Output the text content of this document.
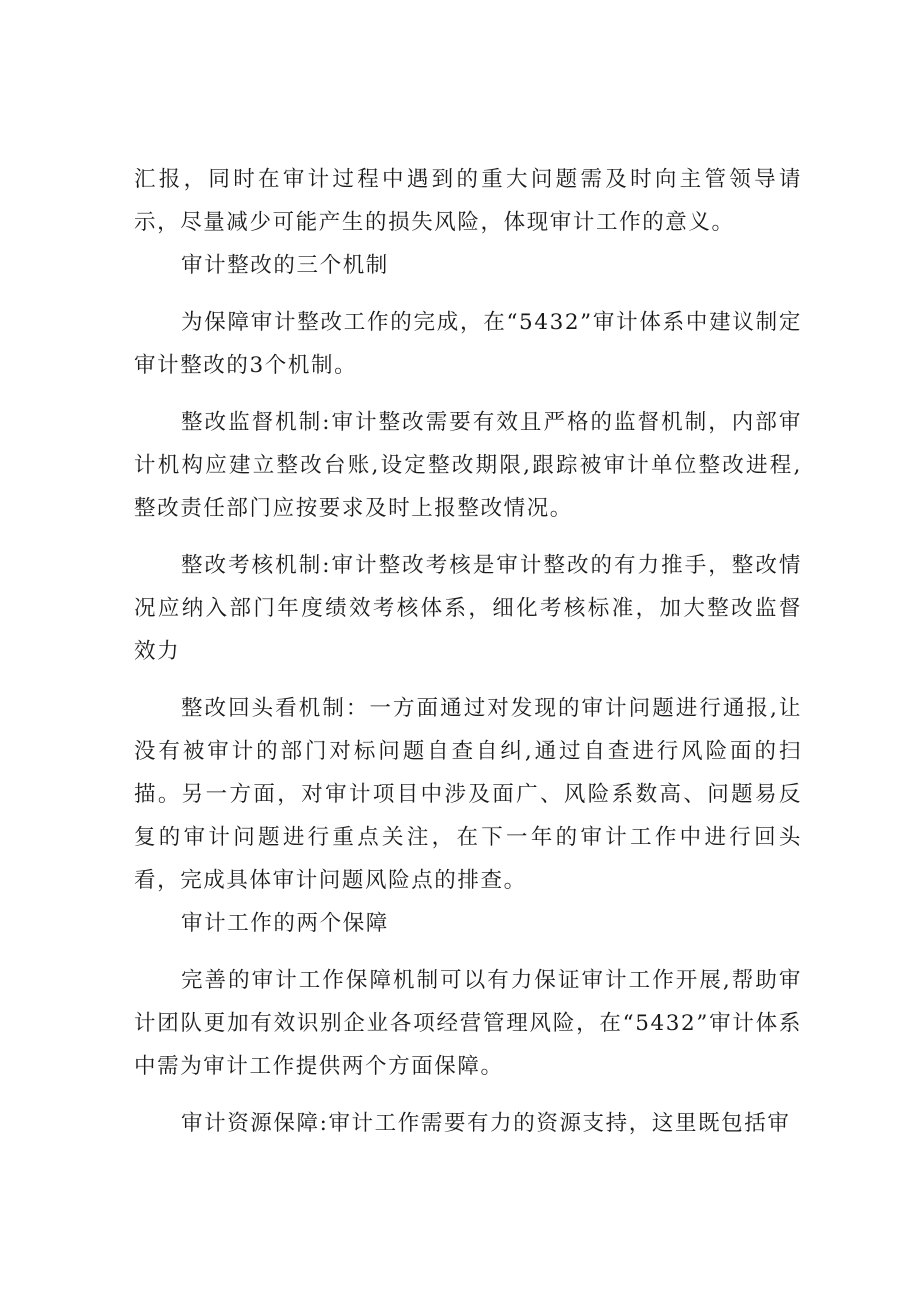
汇报，同时在审计过程中遇到的重大问题需及时向主管领导请示，尽量减少可能产生的损失风险，体现审计工作的意义。

审计整改的三个机制

为保障审计整改工作的完成，在“5432”审计体系中建议制定审计整改的3个机制。

整改监督机制:审计整改需要有效且严格的监督机制，内部审计机构应建立整改台账,设定整改期限,跟踪被审计单位整改进程,整改责任部门应按要求及时上报整改情况。

整改考核机制:审计整改考核是审计整改的有力推手，整改情况应纳入部门年度绩效考核体系，细化考核标准，加大整改监督效力

整改回头看机制：一方面通过对发现的审计问题进行通报,让没有被审计的部门对标问题自查自纠,通过自查进行风险面的扫描。另一方面，对审计项目中涉及面广、风险系数高、问题易反复的审计问题进行重点关注，在下一年的审计工作中进行回头看，完成具体审计问题风险点的排查。

审计工作的两个保障

完善的审计工作保障机制可以有力保证审计工作开展,帮助审计团队更加有效识别企业各项经营管理风险，在“5432”审计体系中需为审计工作提供两个方面保障。

审计资源保障:审计工作需要有力的资源支持，这里既包括审
